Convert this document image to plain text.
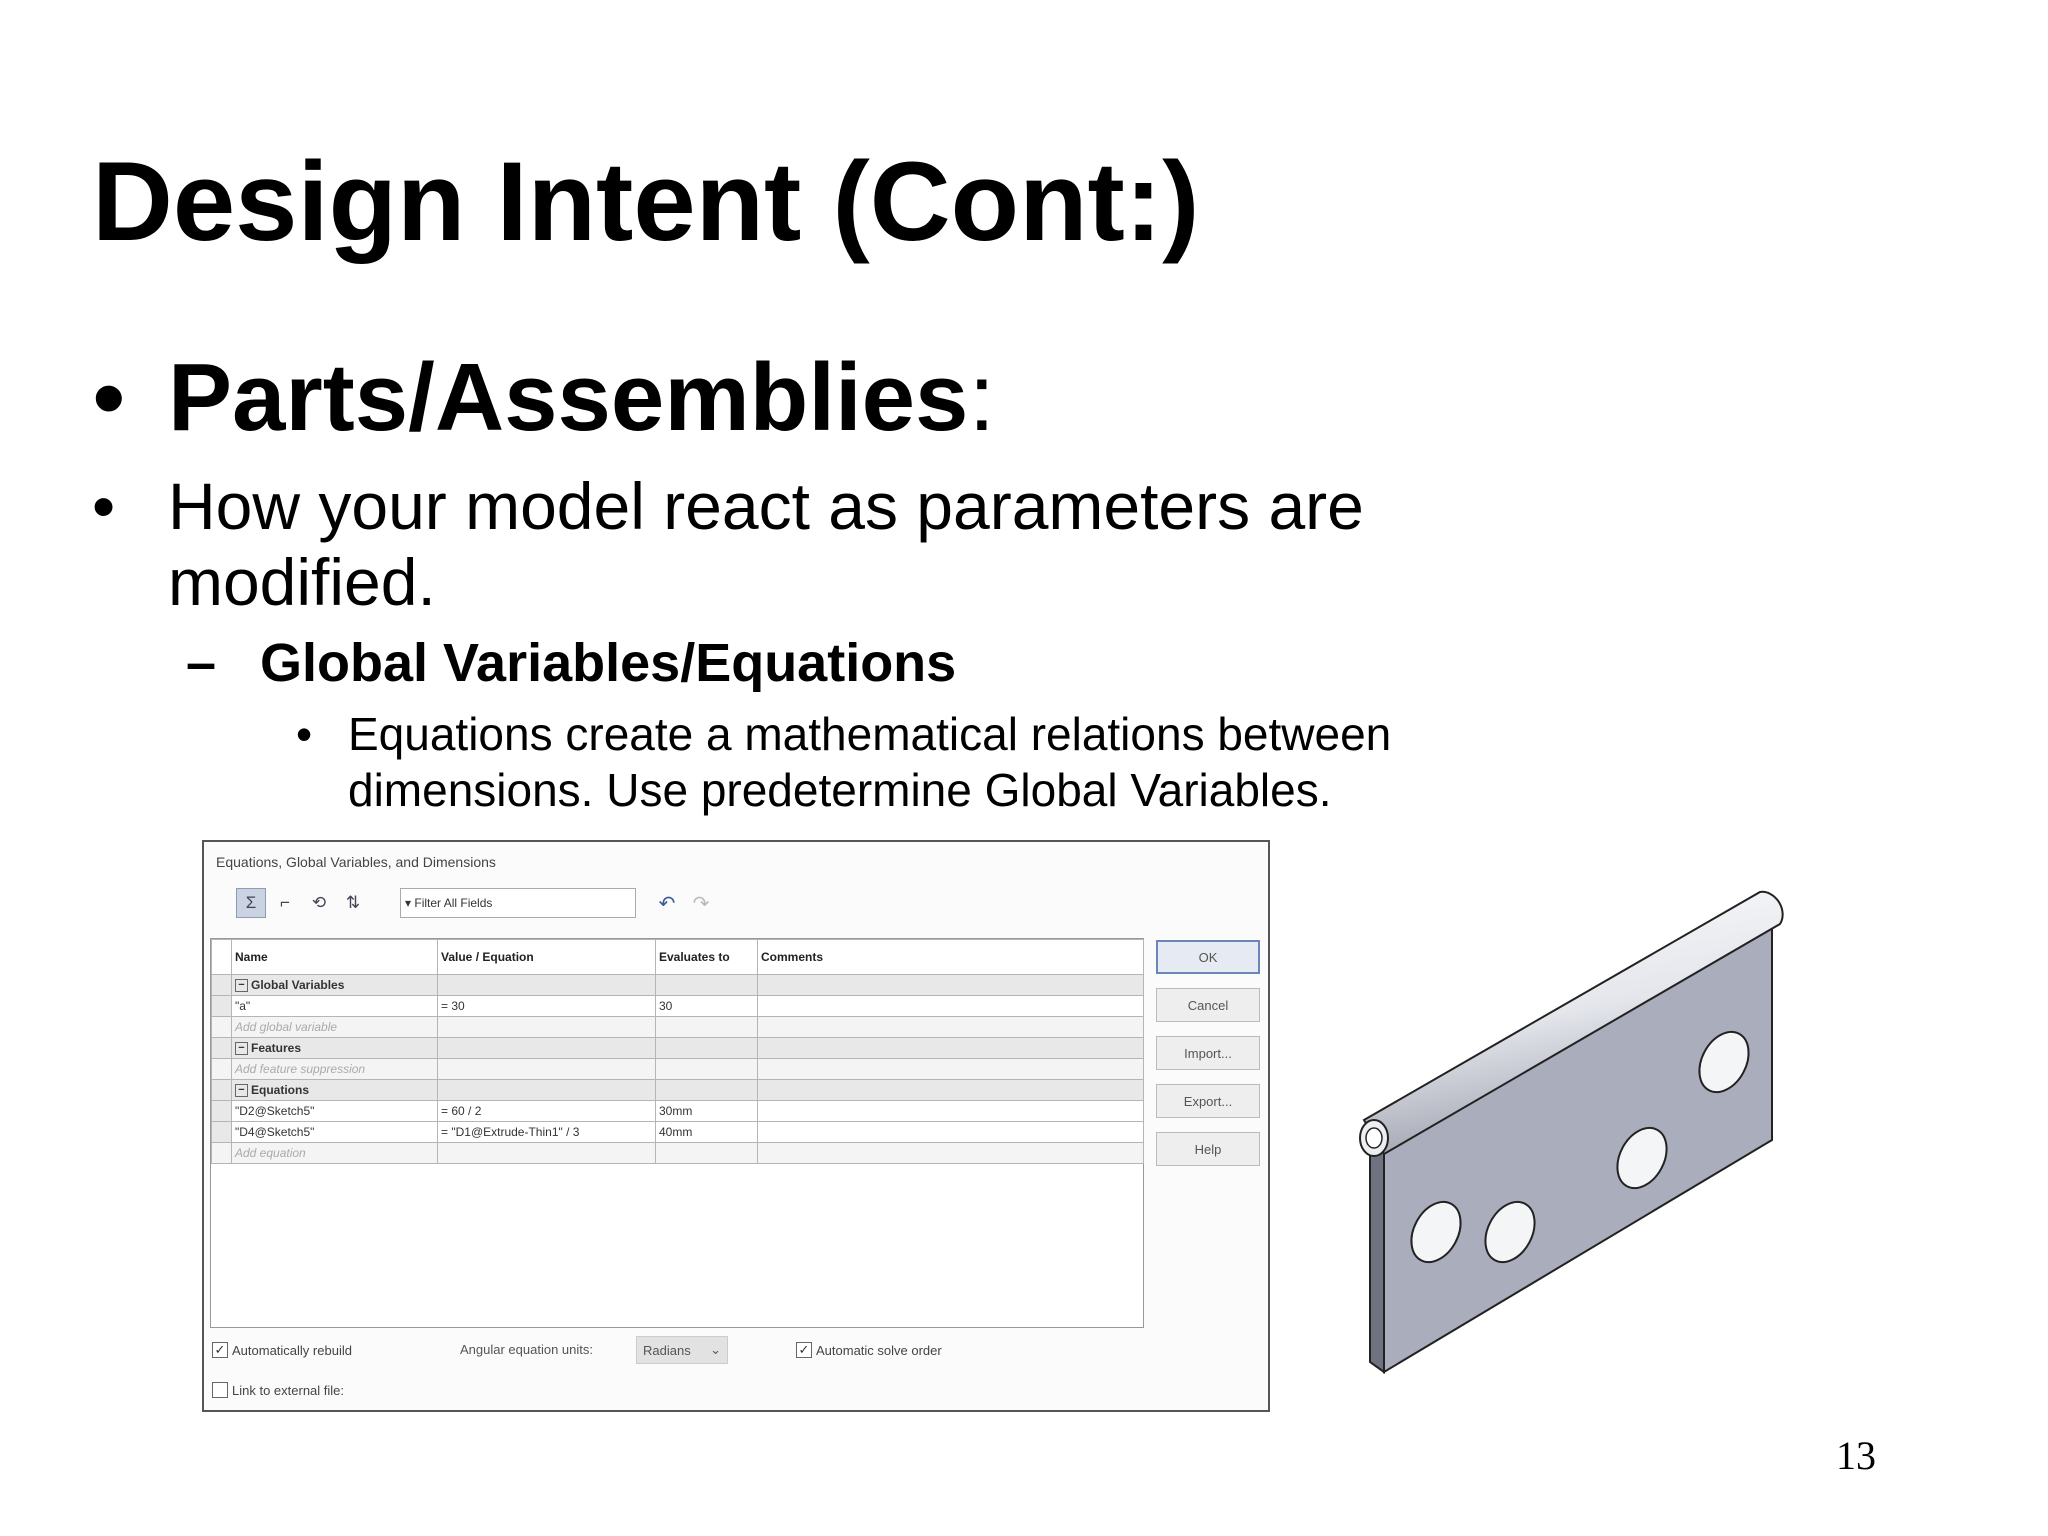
Design Intent (Cont:)
• Parts/Assemblies:
• How your model react as parameters are modified.
– Global Variables/Equations
• Equations create a mathematical relations between dimensions. Use predetermine Global Variables.
Equations, Global Variables, and Dimensions
Σ	⌐	⟲	⇅	▾
Filter All Fields	↶ ↷
	Name	Value / Equation	Evaluates to	Comments
	− Global Variables			
	"a"	= 30	30	
	Add global variable			
	− Features			
	Add feature suppression			
	− Equations			
	"D2@Sketch5"	= 60 / 2	30mm	
	"D4@Sketch5"	= "D1@Extrude-Thin1" / 3	40mm	
	Add equation			
OK
Cancel
Import...
Export...
Help
✓ Automatically rebuild	Angular equation units:	Radians ⌄	✓ Automatic solve order
Link to external file:
13
